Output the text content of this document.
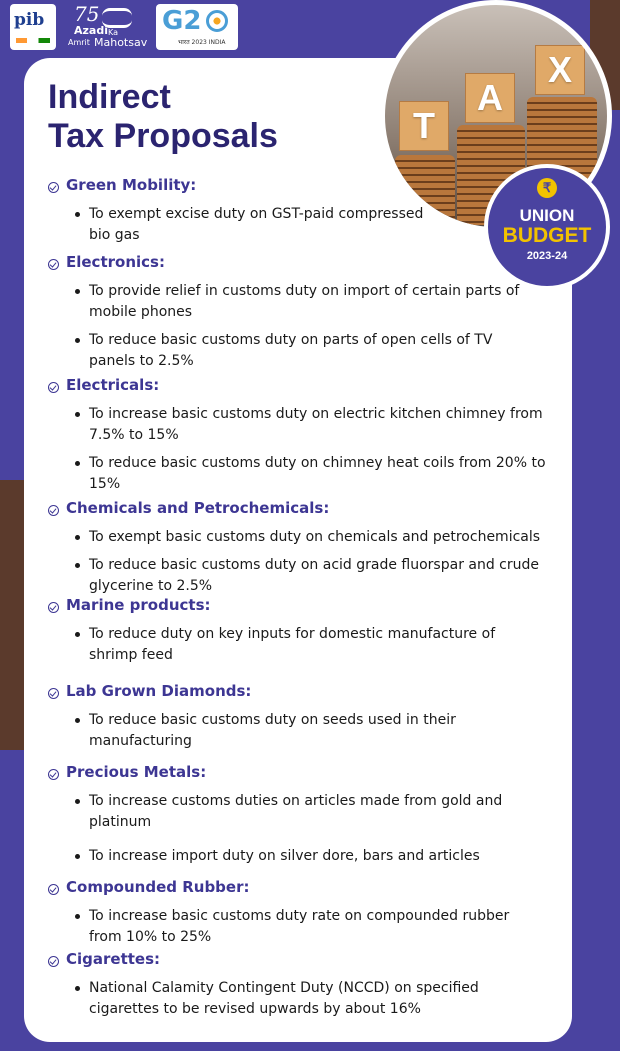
pib 75
Azadi Ka
Amrit Mahotsav
G2
भारत 2023 INDIA
Indirect
Tax Proposals	T
A
X
₹
UNION
BUDGET
2023-24
Green Mobility:
To exempt excise duty on GST-paid compressed bio gas
Electronics:
To provide relief in customs duty on import of certain parts of mobile phones
To reduce basic customs duty on parts of open cells of TV panels to 2.5%
Electricals:
To increase basic customs duty on electric kitchen chimney from 7.5% to 15%
To reduce basic customs duty on chimney heat coils from 20% to 15%
Chemicals and Petrochemicals:
To exempt basic customs duty on chemicals and petrochemicals
To reduce basic customs duty on acid grade fluorspar and crude glycerine to 2.5%
Marine products:
To reduce duty on key inputs for domestic manufacture of shrimp feed
Lab Grown Diamonds:
To reduce basic customs duty on seeds used in their manufacturing
Precious Metals:
To increase customs duties on articles made from gold and platinum
To increase import duty on silver dore, bars and articles
Compounded Rubber:
To increase basic customs duty rate on compounded rubber from 10% to 25%
Cigarettes:
National Calamity Contingent Duty (NCCD) on specified cigarettes to be revised upwards by about 16%
